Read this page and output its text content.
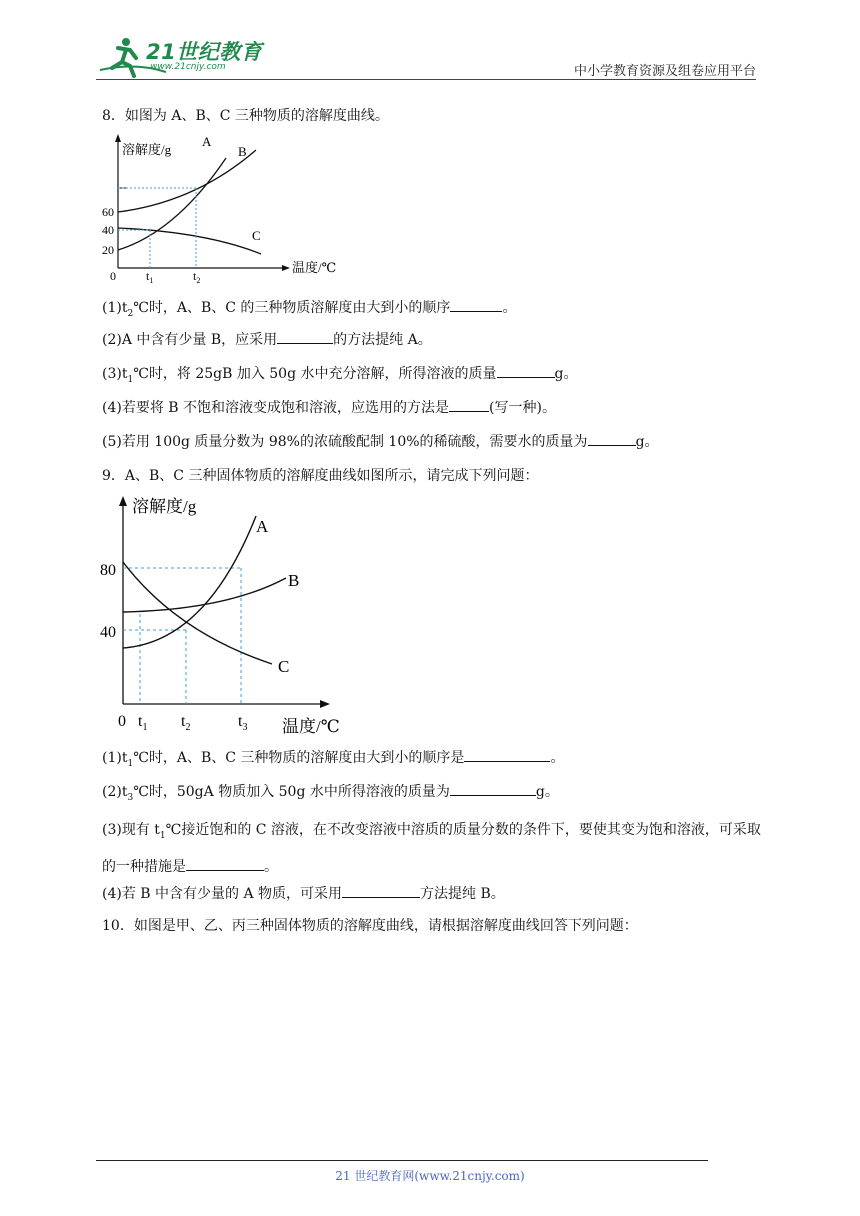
21世纪教育
www.21cnjy.com	中小学教育资源及组卷应用平台
8．如图为 A、B、C 三种物质的溶解度曲线。
溶解度/g
温度/℃
60
40
20
0	$t_1$	$t_2$
A
B
C
$(1)t_2℃$时，A、B、C 的三种物质溶解度由大到小的顺序	。
(2)A 中含有少量 B，应采用	的方法提纯 A。
$(3)t_1℃$时，将 25gB 加入 50g 水中充分溶解，所得溶液的质量	g。
(4)若要将 B 不饱和溶液变成饱和溶液，应选用的方法是	(写一种)。
(5)若用 100g 质量分数为 98%的浓硫酸配制 10%的稀硫酸，需要水的质量为	g。
9．A、B、C 三种固体物质的溶解度曲线如图所示，请完成下列问题：
溶解度/g
温度/℃
80
40
0 $t_1$ $t_2$	$t_3$
A
B
C
$(1)t_1℃$时，A、B、C 三种物质的溶解度由大到小的顺序是	。
$(2)t_3℃$时，50gA 物质加入 50g 水中所得溶液的质量为	g。
(3)现有 $t_1℃$接近饱和的 C 溶液，在不改变溶液中溶质的质量分数的条件下，要使其变为饱和溶液，可采取的一种措施是	。
(4)若 B 中含有少量的 A 物质，可采用	方法提纯 B。
10．如图是甲、乙、丙三种固体物质的溶解度曲线，请根据溶解度曲线回答下列问题：
21 世纪教育网(www.21cnjy.com)
